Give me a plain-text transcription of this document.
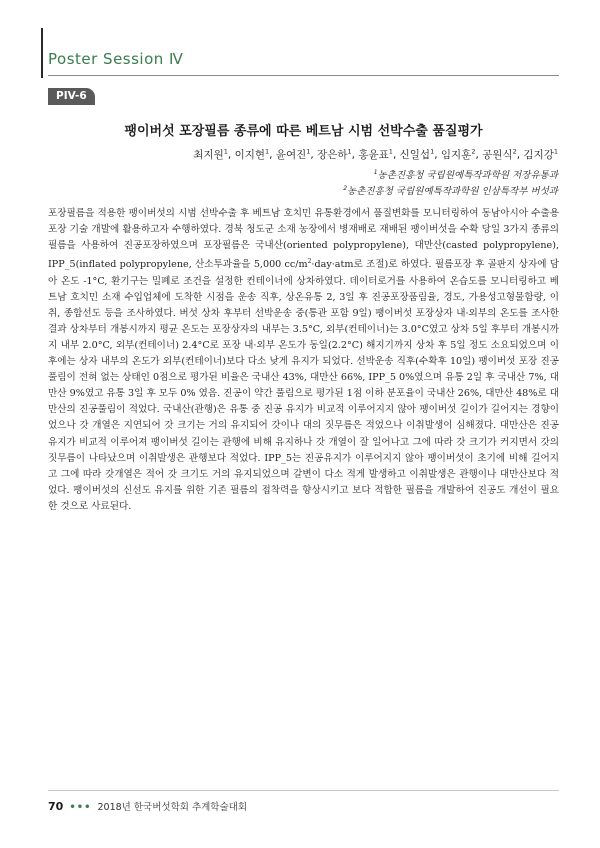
Poster Session Ⅳ
PIV-6
팽이버섯 포장필름 종류에 따른 베트남 시범 선박수출 품질평가

최지원$^1$, 이지현$^1$, 윤여진$^1$, 장은하$^1$, 홍윤표$^1$, 신일섭$^1$, 임지훈$^2$, 공원식$^2$, 김지강$^1$

$^1$농촌진흥청 국립원예특작과학원 저장유통과
$^2$농촌진흥청 국립원예특작과학원 인삼특작부 버섯과

포장필름을 적용한 팽이버섯의 시범 선박수출 후 베트남 호치민 유통환경에서 품질변화를 모니터링하여 동남아시아 수출용 포장 기술 개발에 활용하고자 수행하였다. 경북 청도군 소재 농장에서 병재배로 재배된 팽이버섯을 수확 당일 3가지 종류의 필름을 사용하여 진공포장하였으며 포장필름은 국내산(oriented polypropylene), 대만산(casted polypropylene), IPP_5(inflated polypropylene, 산소투과율을 5,000 $cc/m^2\cdot day\cdot atm$로 조절)로 하였다. 필름포장 후 골판지 상자에 담아 온도 -1°C, 환기구는 밀폐로 조건을 설정한 컨테이너에 상차하였다. 데이터로거를 사용하여 온습도를 모니터링하고 베트남 호치민 소재 수입업체에 도착한 시점을 운송 직후, 상온유통 2, 3일 후 진공포장품림율, 경도, 가용성고형물함량, 이취, 종합선도 등을 조사하였다. 버섯 상차 후부터 선박운송 중(통관 포함 9일) 팽이버섯 포장상자 내·외부의 온도를 조사한 결과 상차부터 개봉시까지 평균 온도는 포장상자의 내부는 3.5°C, 외부(컨테이너)는 3.0°C였고 상차 5일 후부터 개봉시까지 내부 2.0°C, 외부(컨테이너) 2.4°C로 포장 내·외부 온도가 동일(2.2°C) 해지기까지 상차 후 5일 정도 소요되었으며 이후에는 상자 내부의 온도가 외부(컨테이너)보다 다소 낮게 유지가 되었다. 선박운송 직후(수확후 10일) 팽이버섯 포장 진공풀림이 전혀 없는 상태인 0점으로 평가된 비율은 국내산 43%, 대만산 66%, IPP_5 0%였으며 유통 2일 후 국내산 7%, 대만산 9%였고 유통 3일 후 모두 0% 였음. 진공이 약간 풀림으로 평가된 1점 이하 분포율이 국내산 26%, 대만산 48%로 대만산의 진공풀림이 적었다. 국내산(관행)은 유통 중 진공 유지가 비교적 이루어지지 않아 팽이버섯 길이가 길어지는 경향이었으나 갓 개열은 지연되어 갓 크기는 거의 유지되어 갓이나 대의 짓무름은 적었으나 이취발생이 심해졌다. 대만산은 진공 유지가 비교적 이루어져 팽이버섯 길이는 관행에 비해 유지하나 갓 개열이 잘 일어나고 그에 따라 갓 크기가 커지면서 갓의 짓무름이 나타났으며 이취발생은 관행보다 적었다. IPP_5는 진공유지가 이루어지지 않아 팽이버섯이 초기에 비해 길어지고 그에 따라 갓개열은 적어 갓 크기도 거의 유지되었으며 갈변이 다소 적게 발생하고 이취발생은 관행이나 대만산보다 적었다. 팽이버섯의 신선도 유지를 위한 기존 필름의 접착력을 향상시키고 보다 적합한 필름을 개발하여 진공도 개선이 필요한 것으로 사료된다.

70 ••• 2018년 한국버섯학회 추계학술대회
